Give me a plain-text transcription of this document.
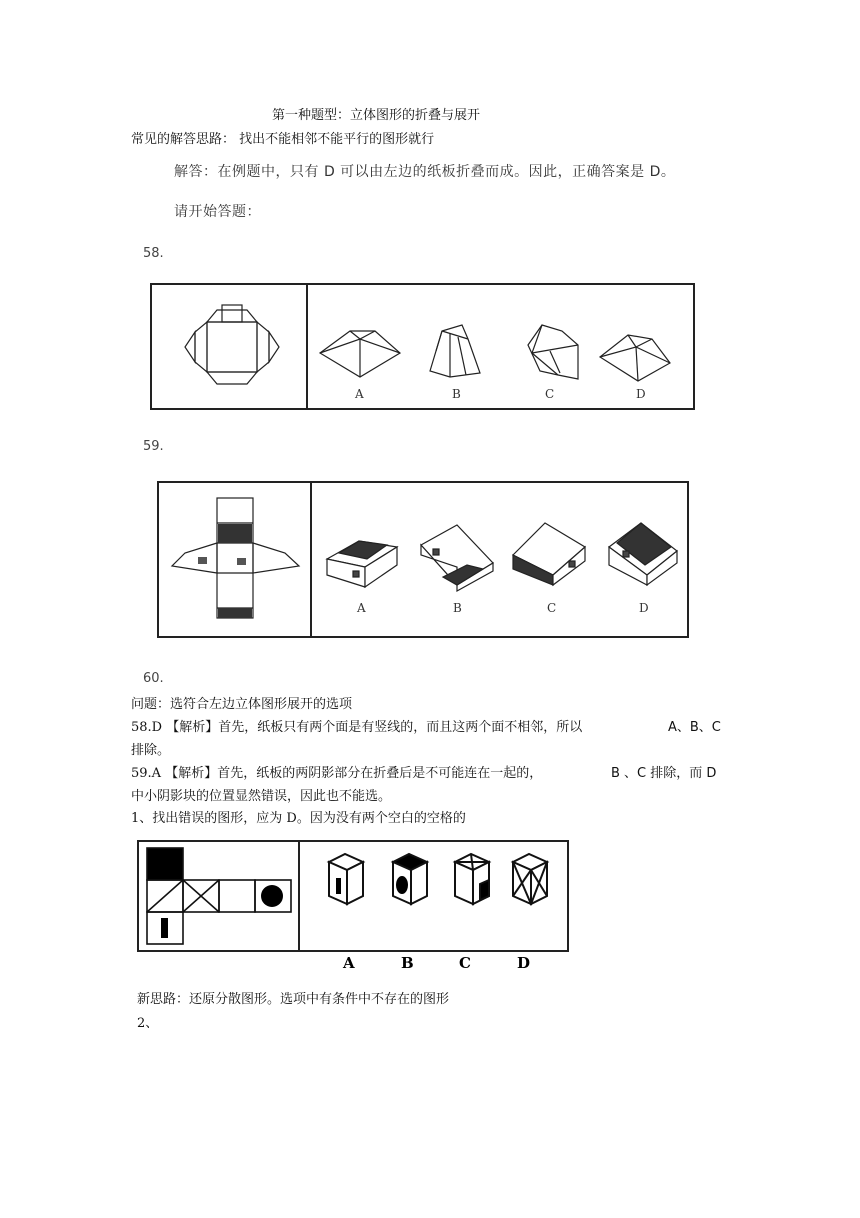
第一种题型：立体图形的折叠与展开
常见的解答思路： 找出不能相邻不能平行的图形就行
解答：在例题中，只有 D 可以由左边的纸板折叠而成。因此，正确答案是 D。
请开始答题：
58.
A	B	C	D
59.
A	B	C	D
60.
问题：选符合左边立体图形展开的选项
58.D 【解析】首先，纸板只有两个面是有竖线的，而且这两个面不相邻，所以	A、B、C
排除。
59.A 【解析】首先，纸板的两阴影部分在折叠后是不可能连在一起的，	B 、C 排除，而 D
中小阴影块的位置显然错误，因此也不能选。
1、找出错误的图形，应为 D。因为没有两个空白的空格的
A	B	C	D
新思路：还原分散图形。选项中有条件中不存在的图形
2、
